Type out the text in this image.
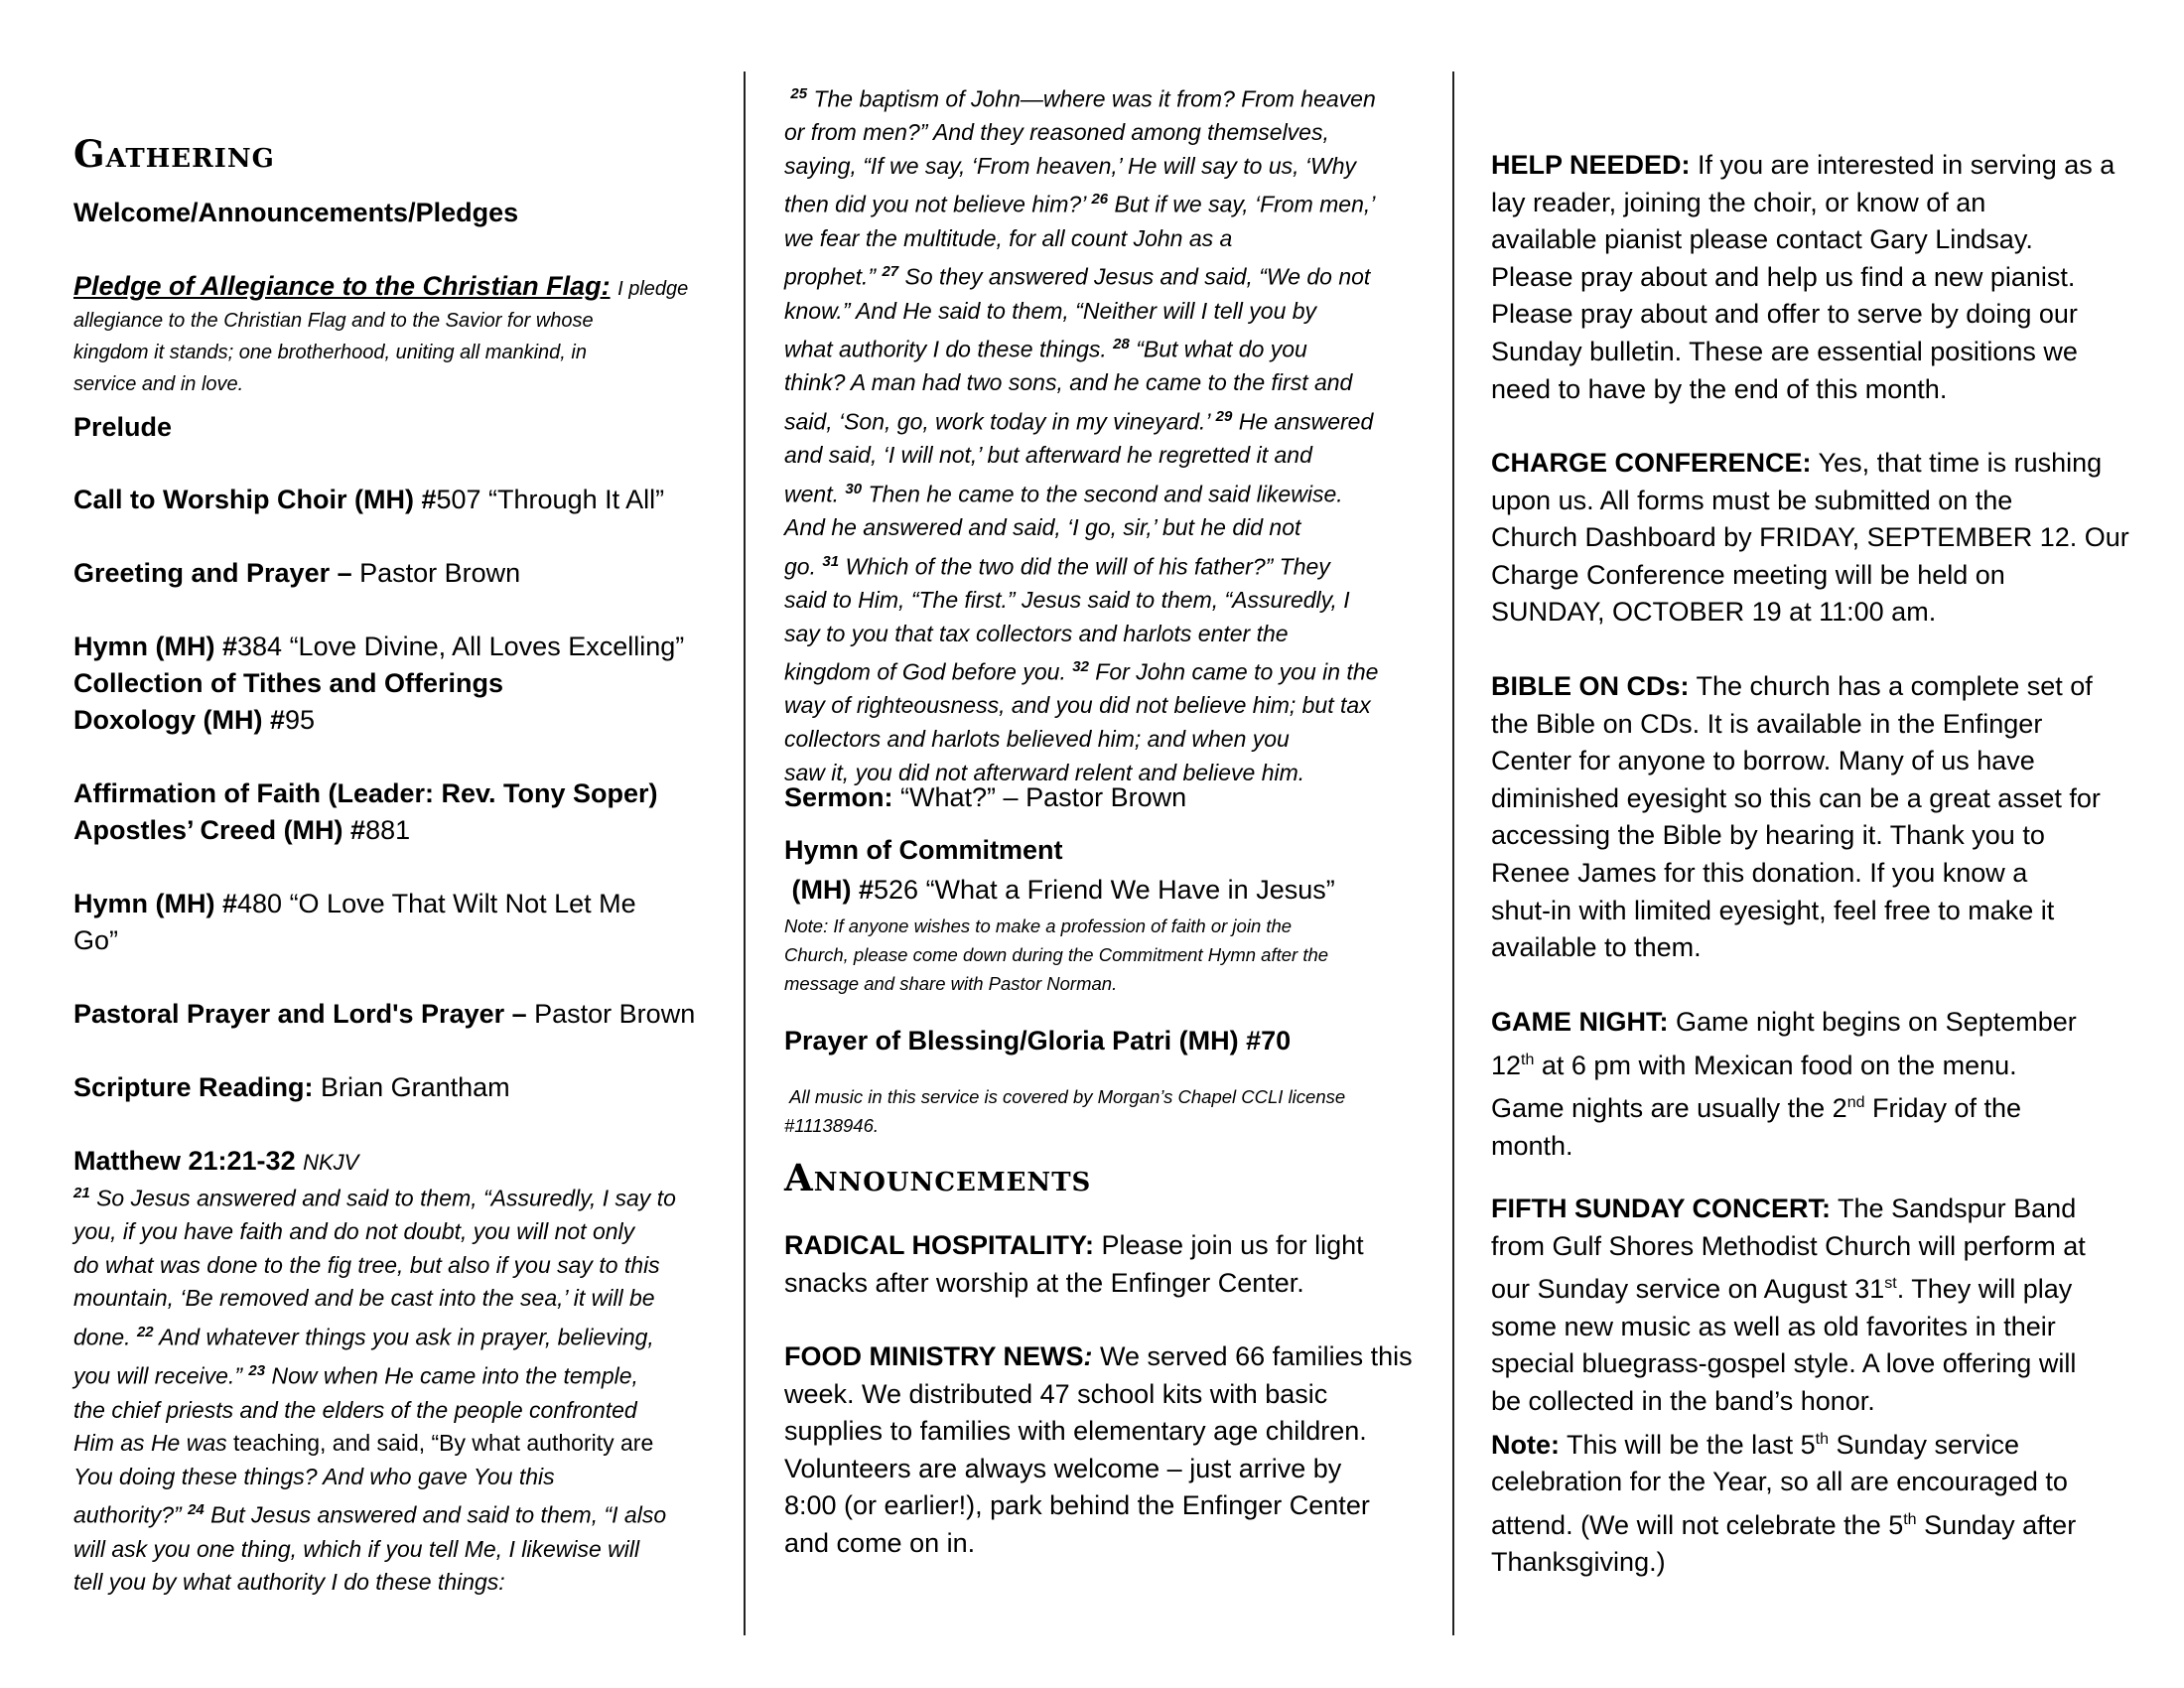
Gathering

Welcome/Announcements/Pledges

Pledge of Allegiance to the Christian Flag: I pledge

allegiance to the Christian Flag and to the Savior for whose

kingdom it stands; one brotherhood, uniting all mankind, in

service and in love.

Prelude

Call to Worship Choir (MH) #507 “Through It All”

Greeting and Prayer – Pastor Brown

Hymn (MH) #384 “Love Divine, All Loves Excelling”

Collection of Tithes and Offerings

Doxology (MH) #95

Affirmation of Faith (Leader: Rev. Tony Soper)

Apostles’ Creed (MH) #881

Hymn (MH) #480 “O Love That Wilt Not Let Me

Go”

Pastoral Prayer and Lord's Prayer – Pastor Brown

Scripture Reading: Brian Grantham

Matthew 21:21-32 NKJV

$^{21}$ So Jesus answered and said to them, “Assuredly, I say to

you, if you have faith and do not doubt, you will not only

do what was done to the fig tree, but also if you say to this

mountain, ‘Be removed and be cast into the sea,’ it will be

done. $^{22}$ And whatever things you ask in prayer, believing,

you will receive.” $^{23}$ Now when He came into the temple,

the chief priests and the elders of the people confronted

Him as He was teaching, and said, “By what authority are

You doing these things? And who gave You this

authority?” $^{24}$ But Jesus answered and said to them, “I also

will ask you one thing, which if you tell Me, I likewise will

tell you by what authority I do these things:

$^{25}$ The baptism of John—where was it from? From heaven

or from men?” And they reasoned among themselves,

saying, “If we say, ‘From heaven,’ He will say to us, ‘Why

then did you not believe him?’ $^{26}$ But if we say, ‘From men,’

we fear the multitude, for all count John as a

prophet.” $^{27}$ So they answered Jesus and said, “We do not

know.” And He said to them, “Neither will I tell you by

what authority I do these things. $^{28}$ “But what do you

think? A man had two sons, and he came to the first and

said, ‘Son, go, work today in my vineyard.’ $^{29}$ He answered

and said, ‘I will not,’ but afterward he regretted it and

went. $^{30}$ Then he came to the second and said likewise.

And he answered and said, ‘I go, sir,’ but he did not

go. $^{31}$ Which of the two did the will of his father?” They

said to Him, “The first.” Jesus said to them, “Assuredly, I

say to you that tax collectors and harlots enter the

kingdom of God before you. $^{32}$ For John came to you in the

way of righteousness, and you did not believe him; but tax

collectors and harlots believed him; and when you

saw it, you did not afterward relent and believe him.

Sermon: “What?” – Pastor Brown

Hymn of Commitment

(MH) #526 “What a Friend We Have in Jesus”

Note: If anyone wishes to make a profession of faith or join the

Church, please come down during the Commitment Hymn after the

message and share with Pastor Norman.

Prayer of Blessing/Gloria Patri (MH) #70

All music in this service is covered by Morgan’s Chapel CCLI license

#11138946.

Announcements

RADICAL HOSPITALITY: Please join us for light

snacks after worship at the Enfinger Center.

FOOD MINISTRY NEWS: We served 66 families this

week. We distributed 47 school kits with basic

supplies to families with elementary age children.

Volunteers are always welcome – just arrive by

8:00 (or earlier!), park behind the Enfinger Center

and come on in.

HELP NEEDED: If you are interested in serving as a

lay reader, joining the choir, or know of an

available pianist please contact Gary Lindsay.

Please pray about and help us find a new pianist.

Please pray about and offer to serve by doing our

Sunday bulletin. These are essential positions we

need to have by the end of this month.

CHARGE CONFERENCE: Yes, that time is rushing

upon us. All forms must be submitted on the

Church Dashboard by FRIDAY, SEPTEMBER 12. Our

Charge Conference meeting will be held on

SUNDAY, OCTOBER 19 at 11:00 am.

BIBLE ON CDs: The church has a complete set of

the Bible on CDs. It is available in the Enfinger

Center for anyone to borrow. Many of us have

diminished eyesight so this can be a great asset for

accessing the Bible by hearing it. Thank you to

Renee James for this donation. If you know a

shut-in with limited eyesight, feel free to make it

available to them.

GAME NIGHT: Game night begins on September

12th at 6 pm with Mexican food on the menu.

Game nights are usually the 2nd Friday of the

month.

FIFTH SUNDAY CONCERT: The Sandspur Band

from Gulf Shores Methodist Church will perform at

our Sunday service on August 31st. They will play

some new music as well as old favorites in their

special bluegrass-gospel style. A love offering will

be collected in the band’s honor.

Note: This will be the last 5th Sunday service

celebration for the Year, so all are encouraged to

attend. (We will not celebrate the 5th Sunday after

Thanksgiving.)
